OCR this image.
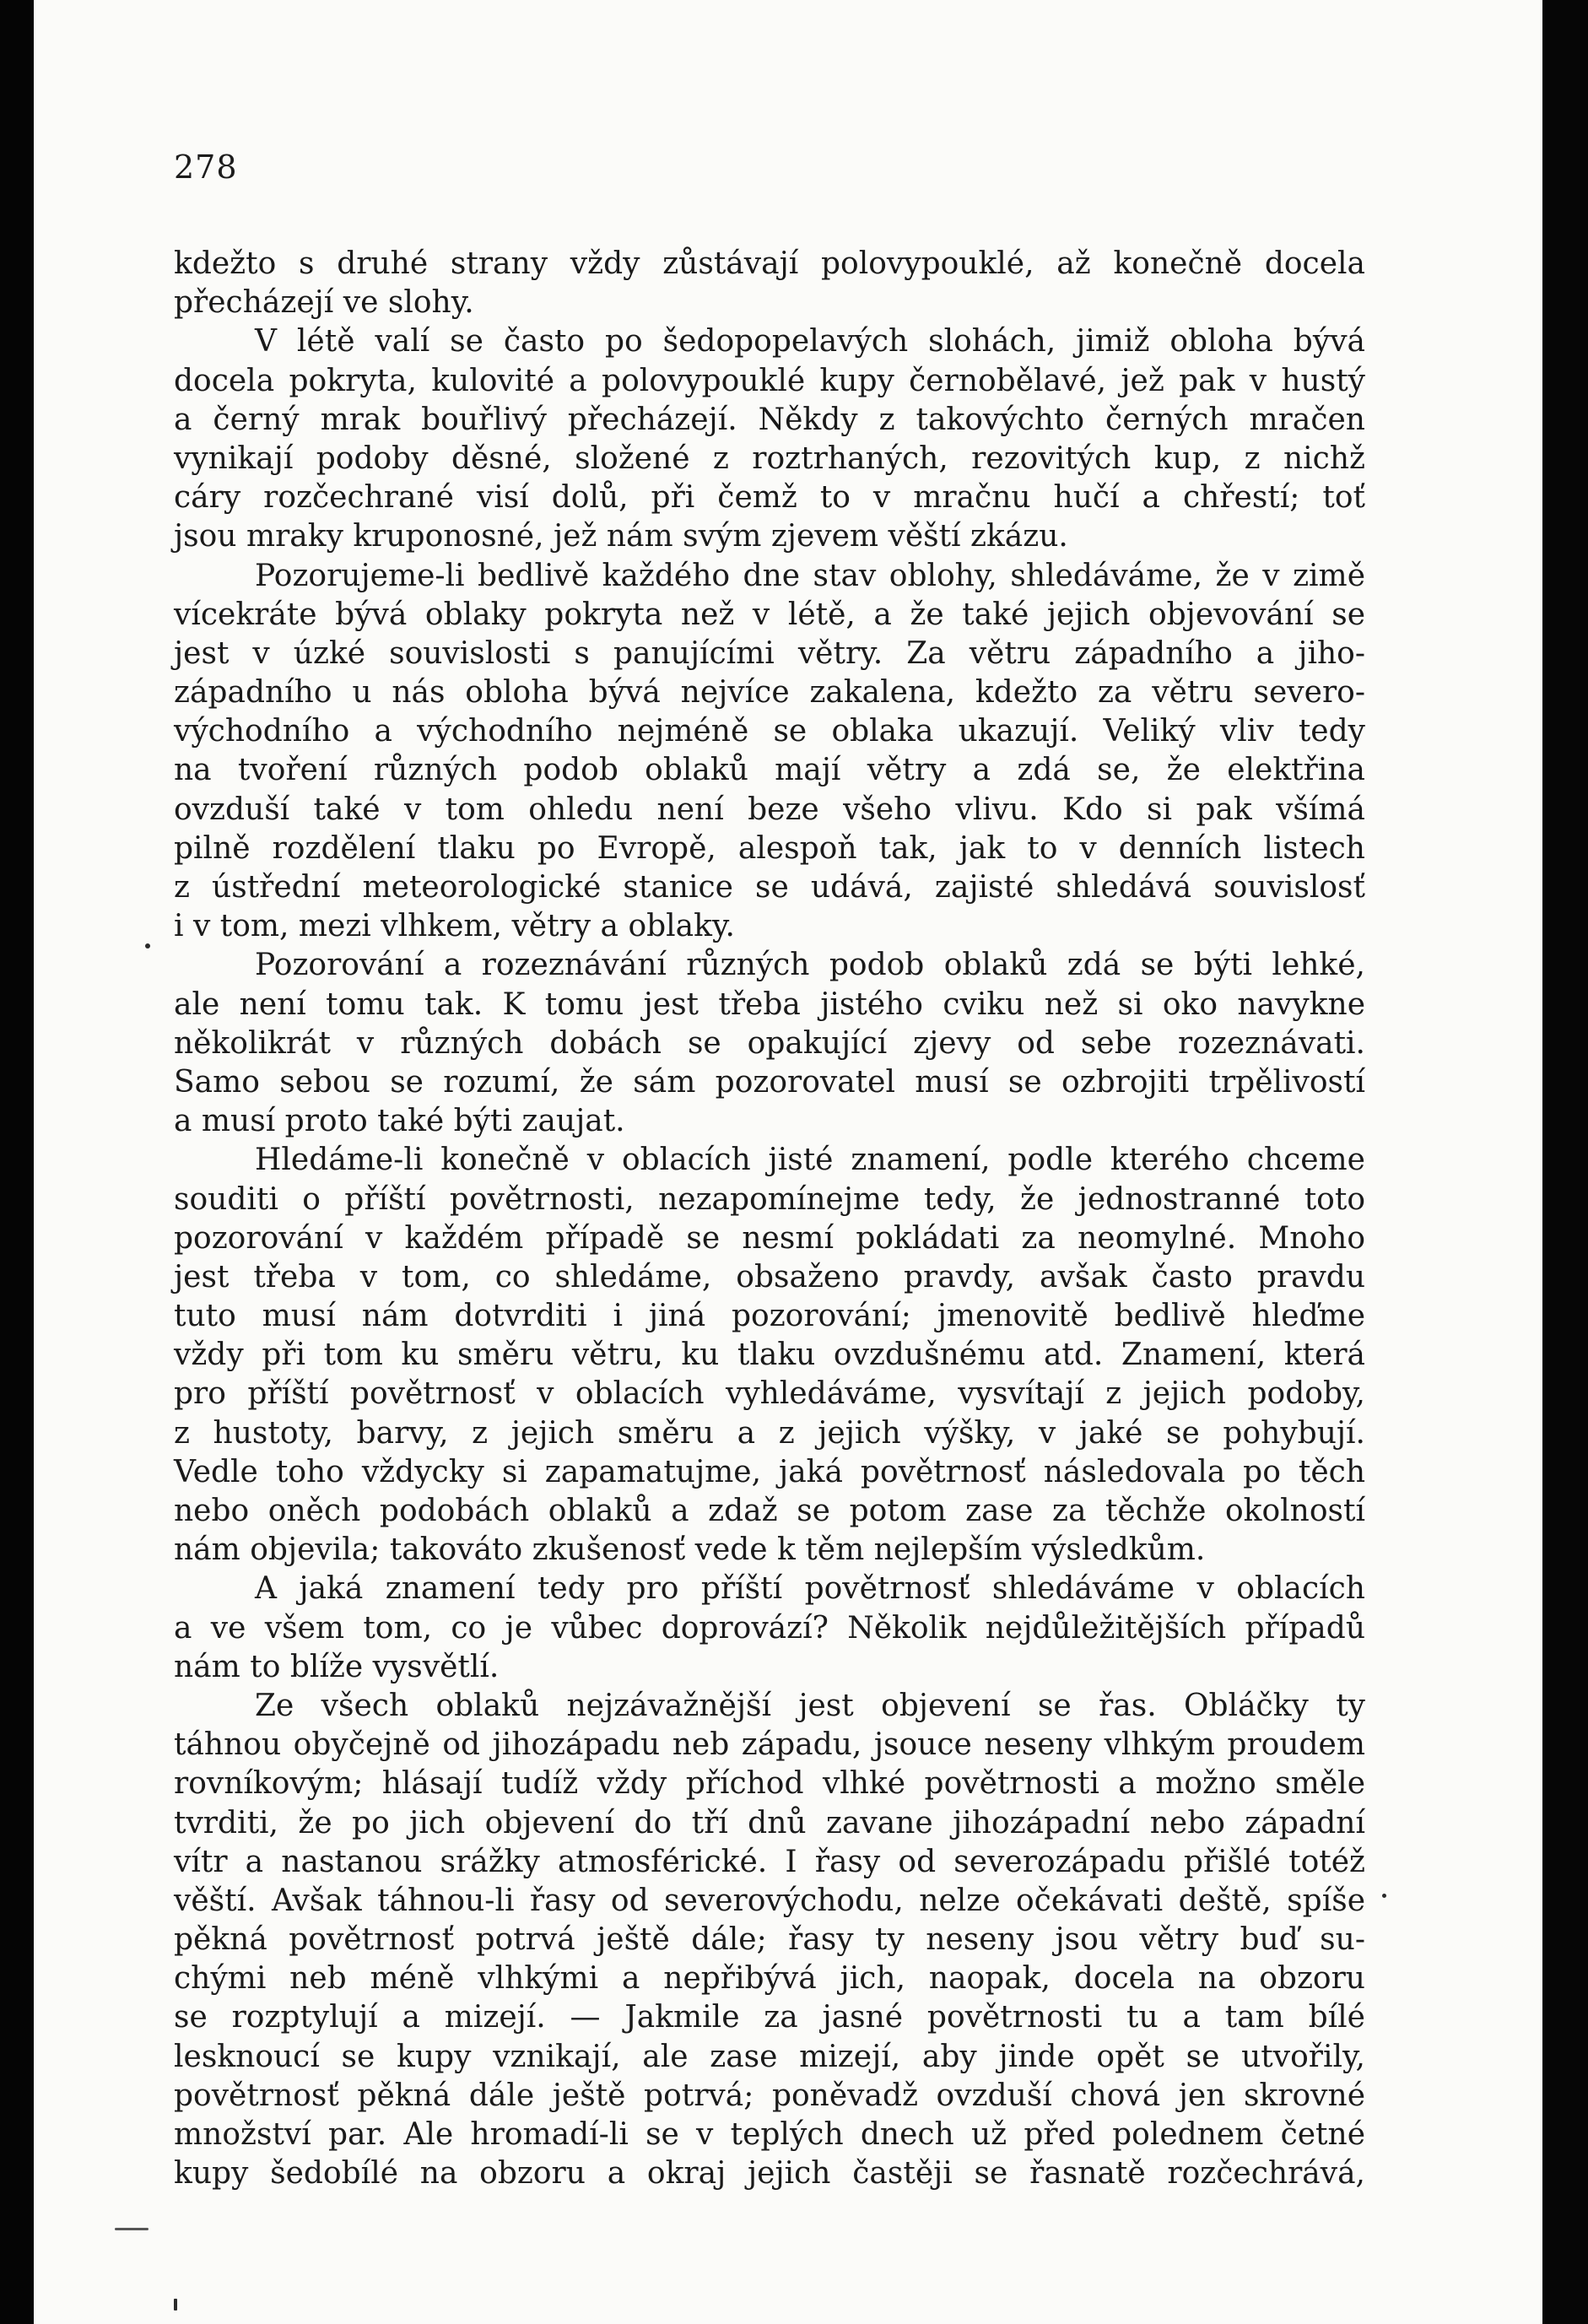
278
kdežto s druhé strany vždy zůstávají polovypouklé, až konečně docela
přecházejí ve slohy.
V létě valí se často po šedopopelavých slohách, jimiž obloha bývá
docela pokryta, kulovité a polovypouklé kupy černobělavé, jež pak v hustý
a černý mrak bouřlivý přecházejí. Někdy z takovýchto černých mračen
vynikají podoby děsné, složené z roztrhaných, rezovitých kup, z nichž
cáry rozčechrané visí dolů, při čemž to v mračnu hučí a chřestí; toť
jsou mraky kruponosné, jež nám svým zjevem věští zkázu.
Pozorujeme-li bedlivě každého dne stav oblohy, shledáváme, že v zimě
vícekráte bývá oblaky pokryta než v létě, a že také jejich objevování se
jest v úzké souvislosti s panujícími větry. Za větru západního a jiho-
západního u nás obloha bývá nejvíce zakalena, kdežto za větru severo-
východního a východního nejméně se oblaka ukazují. Veliký vliv tedy
na tvoření různých podob oblaků mají větry a zdá se, že elektřina
ovzduší také v tom ohledu není beze všeho vlivu. Kdo si pak všímá
pilně rozdělení tlaku po Evropě, alespoň tak, jak to v denních listech
z ústřední meteorologické stanice se udává, zajisté shledává souvislosť
i v tom, mezi vlhkem, větry a oblaky.
Pozorování a rozeznávání různých podob oblaků zdá se býti lehké,
ale není tomu tak. K tomu jest třeba jistého cviku než si oko navykne
několikrát v různých dobách se opakující zjevy od sebe rozeznávati.
Samo sebou se rozumí, že sám pozorovatel musí se ozbrojiti trpělivostí
a musí proto také býti zaujat.
Hledáme-li konečně v oblacích jisté znamení, podle kterého chceme
souditi o příští povětrnosti, nezapomínejme tedy, že jednostranné toto
pozorování v každém případě se nesmí pokládati za neomylné. Mnoho
jest třeba v tom, co shledáme, obsaženo pravdy, avšak často pravdu
tuto musí nám dotvrditi i jiná pozorování; jmenovitě bedlivě hleďme
vždy při tom ku směru větru, ku tlaku ovzdušnému atd. Znamení, která
pro příští povětrnosť v oblacích vyhledáváme, vysvítají z jejich podoby,
z hustoty, barvy, z jejich směru a z jejich výšky, v jaké se pohybují.
Vedle toho vždycky si zapamatujme, jaká povětrnosť následovala po těch
nebo oněch podobách oblaků a zdaž se potom zase za těchže okolností
nám objevila; takováto zkušenosť vede k těm nejlepším výsledkům.
A jaká znamení tedy pro příští povětrnosť shledáváme v oblacích
a ve všem tom, co je vůbec doprovází? Několik nejdůležitějších případů
nám to blíže vysvětlí.
Ze všech oblaků nejzávažnější jest objevení se řas. Obláčky ty
táhnou obyčejně od jihozápadu neb západu, jsouce neseny vlhkým proudem
rovníkovým; hlásají tudíž vždy příchod vlhké povětrnosti a možno směle
tvrditi, že po jich objevení do tří dnů zavane jihozápadní nebo západní
vítr a nastanou srážky atmosférické. I řasy od severozápadu přišlé totéž
věští. Avšak táhnou-li řasy od severovýchodu, nelze očekávati deště, spíše
pěkná povětrnosť potrvá ještě dále; řasy ty neseny jsou větry buď su-
chými neb méně vlhkými a nepřibývá jich, naopak, docela na obzoru
se rozptylují a mizejí. — Jakmile za jasné povětrnosti tu a tam bílé
lesknoucí se kupy vznikají, ale zase mizejí, aby jinde opět se utvořily,
povětrnosť pěkná dále ještě potrvá; poněvadž ovzduší chová jen skrovné
množství par. Ale hromadí-li se v teplých dnech už před polednem četné
kupy šedobílé na obzoru a okraj jejich častěji se řasnatě rozčechrává,
